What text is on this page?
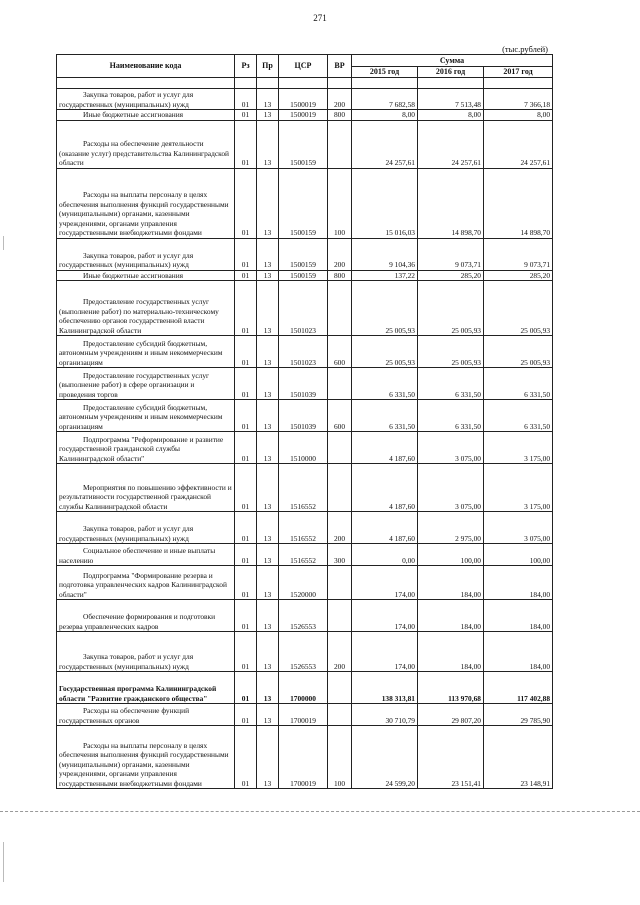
271
(тыс.рублей)
Наименование кода	Рз	Пр	ЦСР	ВР	Сумма		
					2015 год	2016 год	2017 год

Закупка товаров, работ и услуг для государственных (муниципальных) нужд	01	13	1500019	200	7 682,58	7 513,48	7 366,18
Иные бюджетные ассигнования	01	13	1500019	800	8,00	8,00	8,00
Расходы на обеспечение деятельности (оказание услуг) представительства Калининградской области	01	13	1500159		24 257,61	24 257,61	24 257,61
Расходы на выплаты персоналу в целях обеспечения выполнения функций государственными (муниципальными) органами, казенными учреждениями, органами управления государственными внебюджетными фондами	01	13	1500159	100	15 016,03	14 898,70	14 898,70
Закупка товаров, работ и услуг для государственных (муниципальных) нужд	01	13	1500159	200	9 104,36	9 073,71	9 073,71
Иные бюджетные ассигнования	01	13	1500159	800	137,22	285,20	285,20
Предоставление государственных услуг (выполнение работ) по материально-техническому обеспечению органов государственной власти Калининградской области	01	13	1501023		25 005,93	25 005,93	25 005,93
Предоставление субсидий бюджетным, автономным учреждениям и иным некоммерческим организациям	01	13	1501023	600	25 005,93	25 005,93	25 005,93
Предоставление государственных услуг (выполнение работ) в сфере организации и проведения торгов	01	13	1501039		6 331,50	6 331,50	6 331,50
Предоставление субсидий бюджетным, автономным учреждениям и иным некоммерческим организациям	01	13	1501039	600	6 331,50	6 331,50	6 331,50
Подпрограмма "Реформирование и развитие государственной гражданской службы Калининградской области"	01	13	1510000		4 187,60	3 075,00	3 175,00
Мероприятия по повышению эффективности и результативности государственной гражданской службы Калининградской области	01	13	1516552		4 187,60	3 075,00	3 175,00
Закупка товаров, работ и услуг для государственных (муниципальных) нужд	01	13	1516552	200	4 187,60	2 975,00	3 075,00
Социальное обеспечение и иные выплаты населению	01	13	1516552	300	0,00	100,00	100,00
Подпрограмма "Формирование резерва и подготовка управленческих кадров Калининградской области"	01	13	1520000		174,00	184,00	184,00
Обеспечение формирования и подготовки резерва управленческих кадров	01	13	1526553		174,00	184,00	184,00
Закупка товаров, работ и услуг для государственных (муниципальных) нужд	01	13	1526553	200	174,00	184,00	184,00
Государственная программа Калининградской области "Развитие гражданского общества"	01	13	1700000		138 313,81	113 970,68	117 402,88
Расходы на обеспечение функций государственных органов	01	13	1700019		30 710,79	29 807,20	29 785,90
Расходы на выплаты персоналу в целях обеспечения выполнения функций государственными (муниципальными) органами, казенными учреждениями, органами управления государственными внебюджетными фондами	01	13	1700019	100	24 599,20	23 151,41	23 148,91
